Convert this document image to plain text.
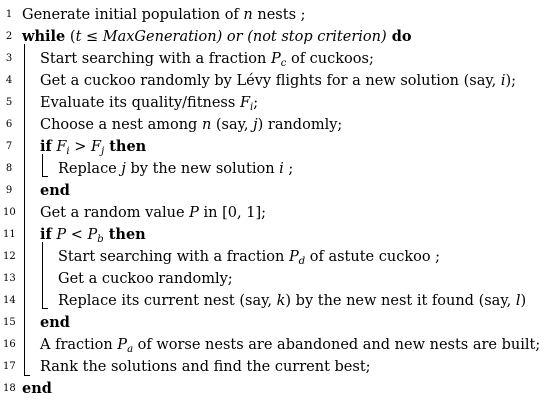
1 Generate initial population of n nests ;
2 while (t ≤ MaxGeneration) or (not stop criterion) do
3 Start searching with a fraction $P_c$ of cuckoos;
4 Get a cuckoo randomly by Lévy flights for a new solution (say, i);
5 Evaluate its quality/fitness $F_i$;
6 Choose a nest among n (say, j) randomly;
7 if $F_i > F_j$ then
8	Replace j by the new solution i ;
9 end
10 Get a random value P in [0, 1];
11 if $P < P_b$ then
12	Start searching with a fraction $P_d$ of astute cuckoo ;
13	Get a cuckoo randomly;
14	Replace its current nest (say, k) by the new nest it found (say, l)
15 end
16 A fraction $P_a$ of worse nests are abandoned and new nests are built;
17 Rank the solutions and find the current best;
18 end
